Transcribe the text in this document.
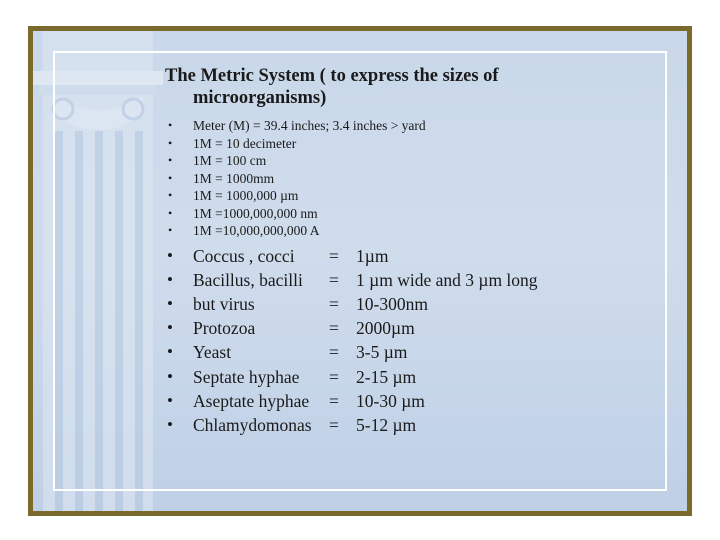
The Metric System ( to express the sizes of
microorganisms)
• Meter (M) = 39.4 inches; 3.4 inches > yard
• 1M = 10 decimeter
• 1M = 100 cm
• 1M = 1000mm
• 1M = 1000,000 µm
• 1M =1000,000,000 nm
• 1M =10,000,000,000 A
• Coccus , cocci	= 1µm
• Bacillus, bacilli	= 1 µm wide and 3 µm long
• but virus	= 10-300nm
• Protozoa	= 2000µm
• Yeast	= 3-5 µm
• Septate hyphae	= 2-15 µm
• Aseptate hyphae	= 10-30 µm
• Chlamydomonas = 5-12 µm
